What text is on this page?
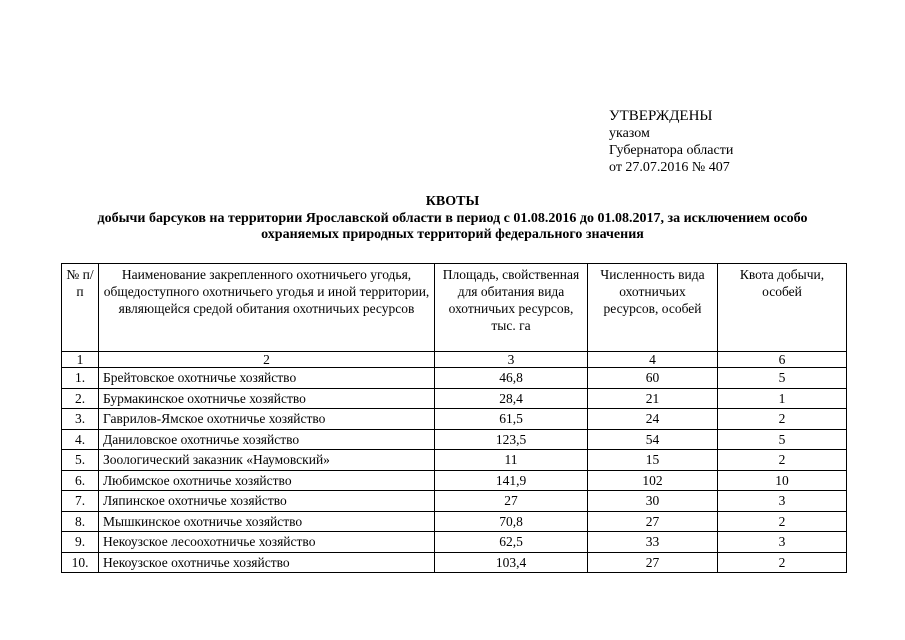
УТВЕРЖДЕНЫ
указом
Губернатора области
от 27.07.2016 № 407
КВОТЫ
добычи барсуков на территории Ярославской области в период с 01.08.2016 до 01.08.2017, за исключением особо
охраняемых природных территорий федерального значения
№ п/п	Наименование закрепленного охотничьего угодья, общедоступного охотничьего угодья и иной территории, являющейся средой обитания охотничьих ресурсов	Площадь, свойственная для обитания вида охотничьих ресурсов, тыс. га	Численность вида охотничьих ресурсов, особей	Квота добычи, особей
1	2	3	4	6
1.	Брейтовское охотничье хозяйство	46,8	60	5
2.	Бурмакинское охотничье хозяйство	28,4	21	1
3.	Гаврилов-Ямское охотничье хозяйство	61,5	24	2
4.	Даниловское охотничье хозяйство	123,5	54	5
5.	Зоологический заказник «Наумовский»	11	15	2
6.	Любимское охотничье хозяйство	141,9	102	10
7.	Ляпинское охотничье хозяйство	27	30	3
8.	Мышкинское охотничье хозяйство	70,8	27	2
9.	Некоузское лесоохотничье хозяйство	62,5	33	3
10.	Некоузское охотничье хозяйство	103,4	27	2
